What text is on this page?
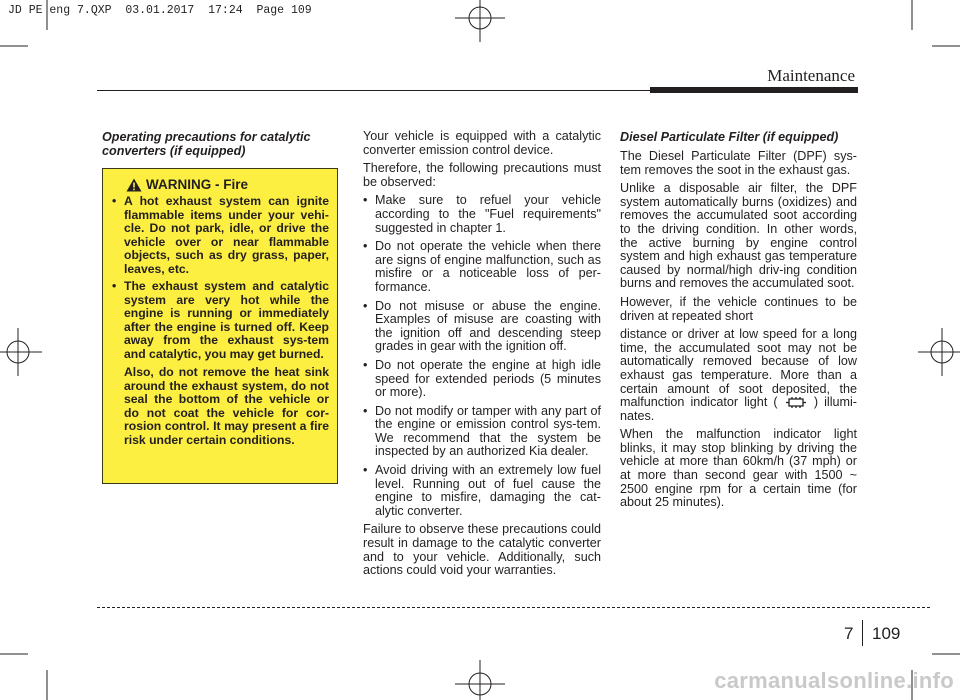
JD PE eng 7.QXP  03.01.2017  17:24  Page 109
Maintenance
Operating precautions for catalytic converters (if equipped)
WARNING - Fire
• A hot exhaust system can ignite flammable items under your vehi-cle. Do not park, idle, or drive the vehicle over or near flammable objects, such as dry grass, paper, leaves, etc.
• The exhaust system and catalytic system are very hot while the engine is running or immediately after the engine is turned off. Keep away from the exhaust sys-tem and catalytic, you may get burned.
Also, do not remove the heat sink around the exhaust system, do not seal the bottom of the vehicle or do not coat the vehicle for cor-rosion control. It may present a fire risk under certain conditions.

Your vehicle is equipped with a catalytic converter emission control device.

Therefore, the following precautions must be observed:

• Make sure to refuel your vehicle according to the "Fuel requirements" suggested in chapter 1.
• Do not operate the vehicle when there are signs of engine malfunction, such as misfire or a noticeable loss of per-formance.
• Do not misuse or abuse the engine. Examples of misuse are coasting with the ignition off and descending steep grades in gear with the ignition off.
• Do not operate the engine at high idle speed for extended periods (5 minutes or more).
• Do not modify or tamper with any part of the engine or emission control sys-tem. We recommend that the system be inspected by an authorized Kia dealer.
• Avoid driving with an extremely low fuel level. Running out of fuel cause the engine to misfire, damaging the cat-alytic converter.

Failure to observe these precautions could result in damage to the catalytic converter and to your vehicle. Additionally, such actions could void your warranties.

Diesel Particulate Filter (if equipped)

The Diesel Particulate Filter (DPF) sys-tem removes the soot in the exhaust gas.

Unlike a disposable air filter, the DPF system automatically burns (oxidizes) and removes the accumulated soot according to the driving condition. In other words, the active burning by engine control system and high exhaust gas temperature caused by normal/high driv-ing condition burns and removes the accumulated soot.

However, if the vehicle continues to be driven at repeated short

distance or driver at low speed for a long time, the accumulated soot may not be automatically removed because of low exhaust gas temperature. More than a certain amount of soot deposited, the malfunction indicator light (	) illumi-nates.

When the malfunction indicator light blinks, it may stop blinking by driving the vehicle at more than 60km/h (37 mph) or at more than second gear with 1500 ~ 2500 engine rpm for a certain time (for about 25 minutes).

7 109
carmanualsonline.info
